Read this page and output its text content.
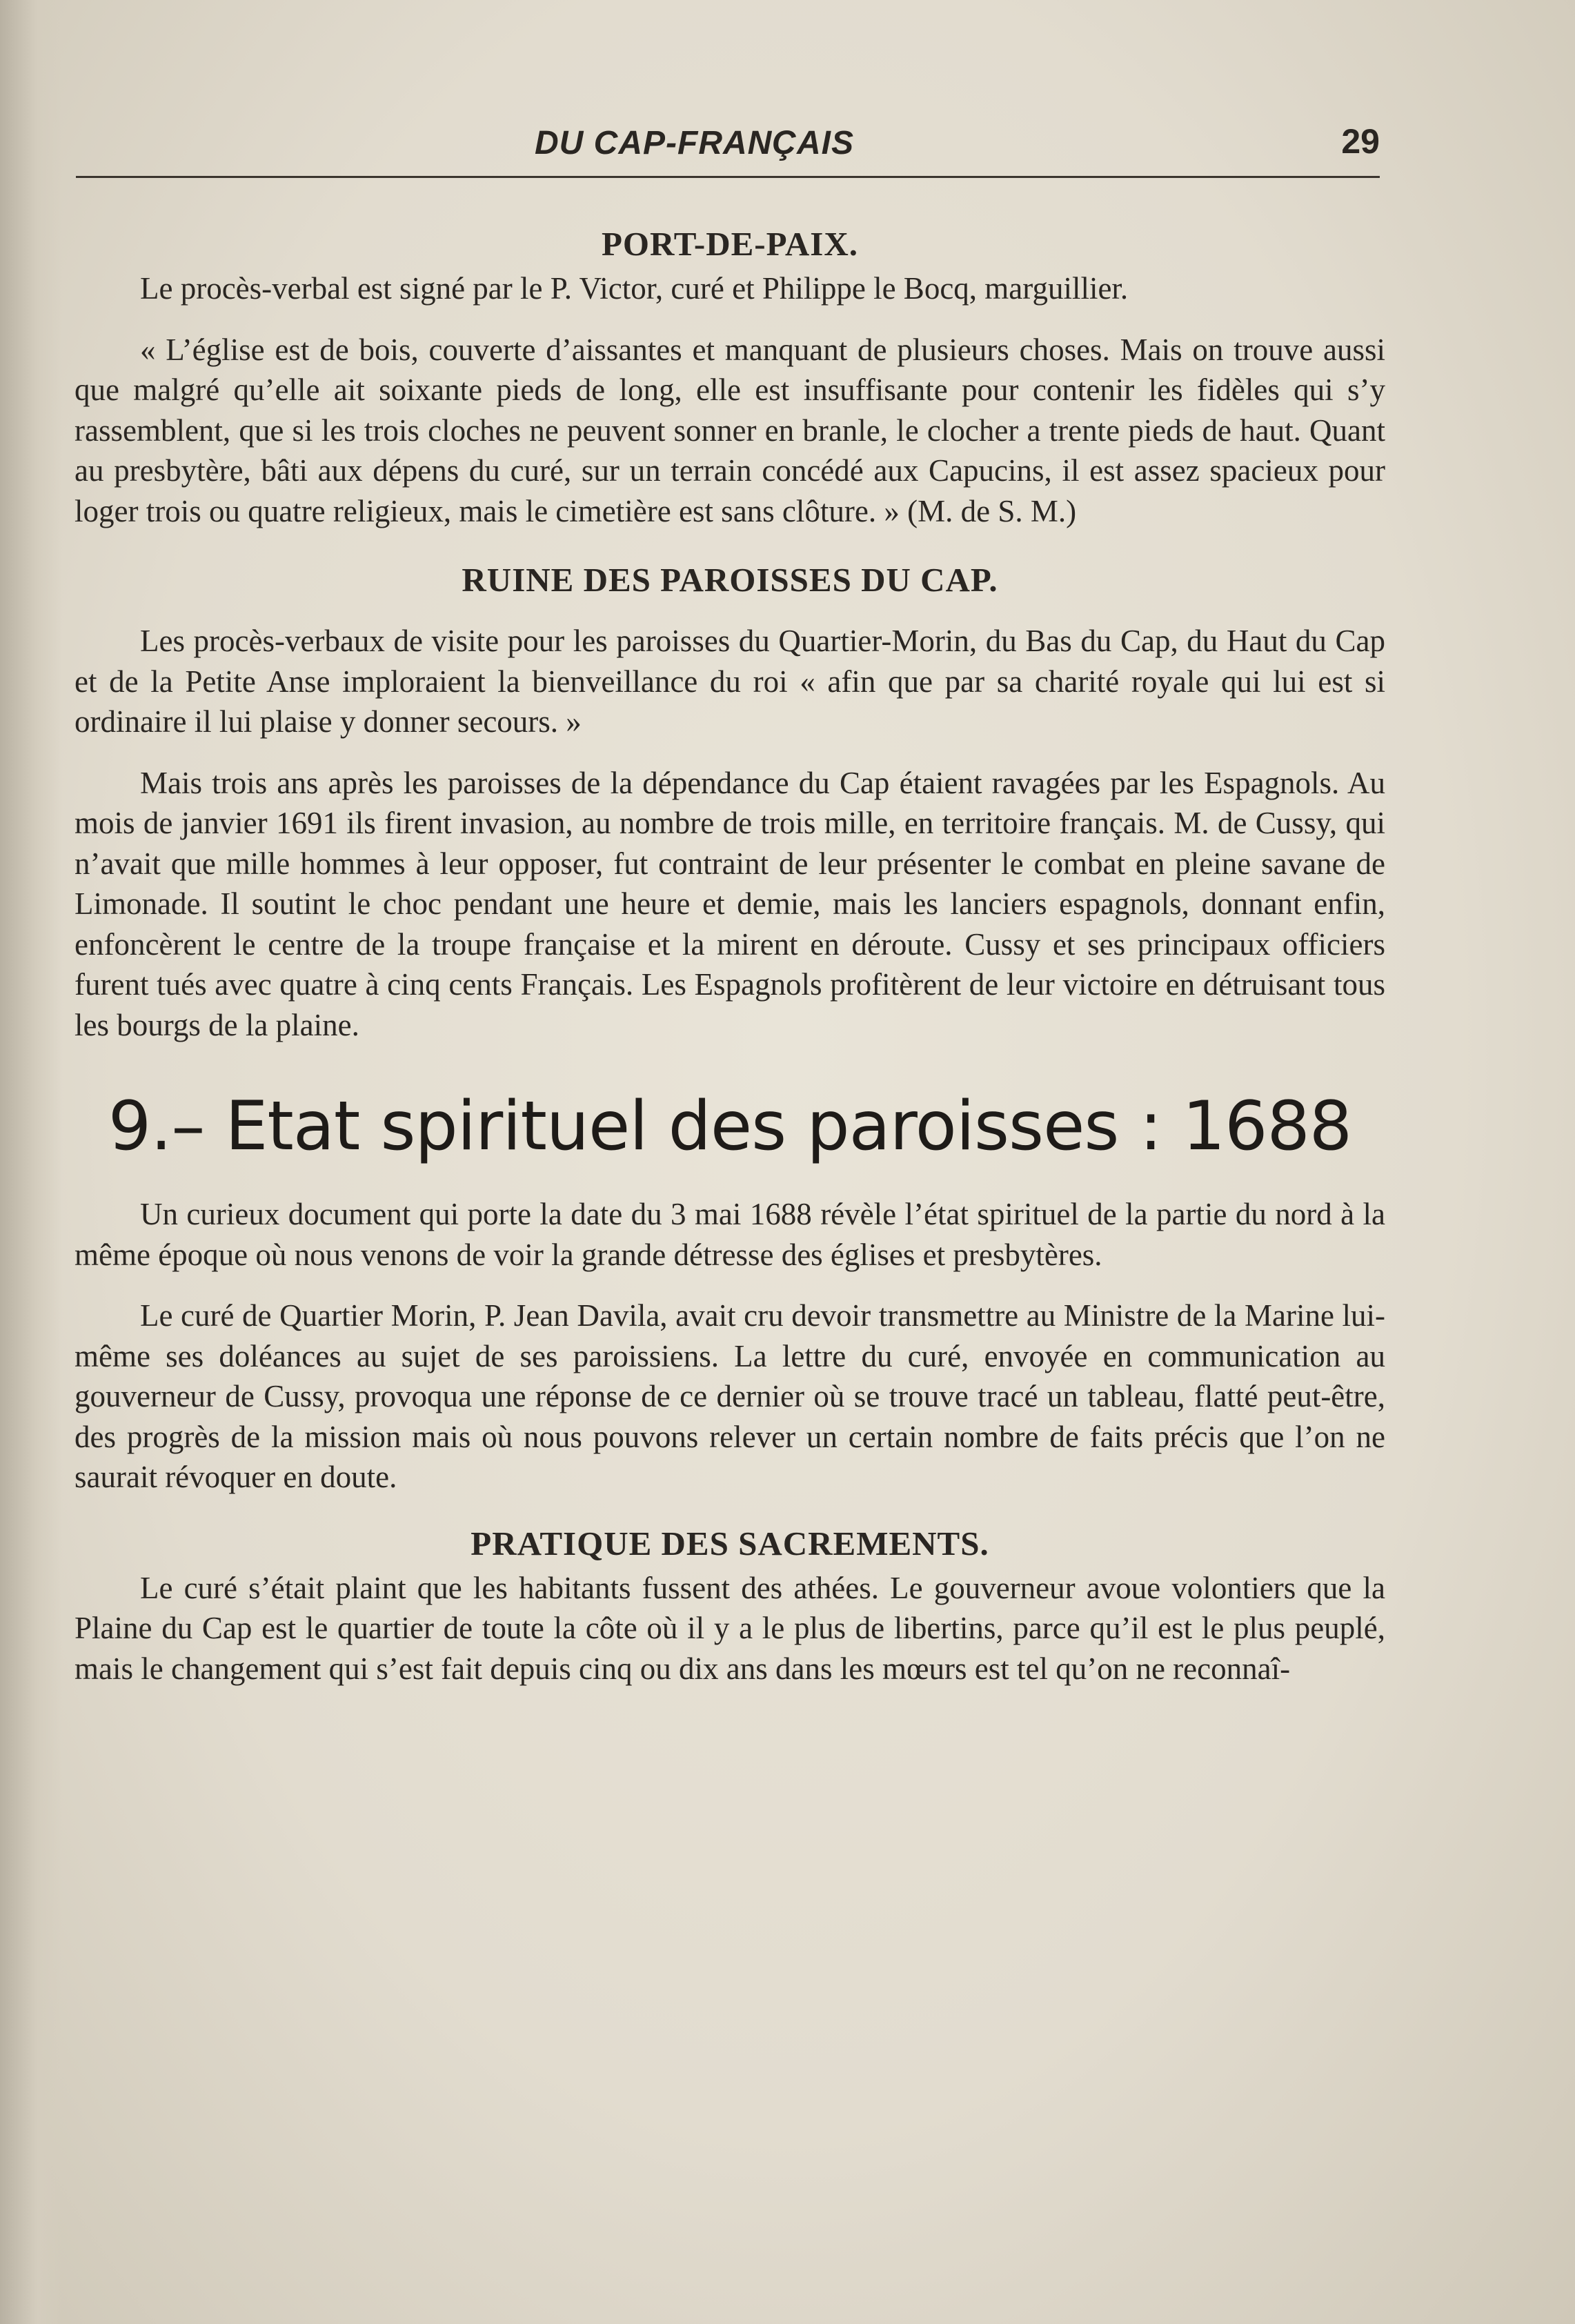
DU CAP-FRANÇAIS	29
PORT-DE-PAIX.

Le procès-verbal est signé par le P. Victor, curé et Philippe le Bocq, marguillier.

« L’église est de bois, couverte d’aissantes et manquant de plusieurs choses. Mais on trouve aussi que malgré qu’elle ait soixante pieds de long, elle est insuffisante pour contenir les fidèles qui s’y rassemblent, que si les trois cloches ne peuvent sonner en branle, le clocher a trente pieds de haut. Quant au presbytère, bâti aux dépens du curé, sur un terrain concédé aux Capucins, il est assez spacieux pour loger trois ou quatre religieux, mais le cimetière est sans clôture. » (M. de S. M.)

RUINE DES PAROISSES DU CAP.

Les procès-verbaux de visite pour les paroisses du Quartier-Morin, du Bas du Cap, du Haut du Cap et de la Petite Anse imploraient la bienveillance du roi « afin que par sa charité royale qui lui est si ordinaire il lui plaise y donner secours. »

Mais trois ans après les paroisses de la dépendance du Cap étaient ravagées par les Espagnols. Au mois de janvier 1691 ils firent invasion, au nombre de trois mille, en territoire français. M. de Cussy, qui n’avait que mille hommes à leur opposer, fut contraint de leur présenter le combat en pleine savane de Limonade. Il soutint le choc pendant une heure et demie, mais les lanciers espagnols, donnant enfin, enfoncèrent le centre de la troupe française et la mirent en déroute. Cussy et ses principaux officiers furent tués avec quatre à cinq cents Français. Les Espagnols profitèrent de leur victoire en détruisant tous les bourgs de la plaine.

9.– Etat spirituel des paroisses : 1688

Un curieux document qui porte la date du 3 mai 1688 révèle l’état spirituel de la partie du nord à la même époque où nous venons de voir la grande détresse des églises et presbytères.

Le curé de Quartier Morin, P. Jean Davila, avait cru devoir transmettre au Ministre de la Marine lui-même ses doléances au sujet de ses paroissiens. La lettre du curé, envoyée en communication au gouverneur de Cussy, provoqua une réponse de ce dernier où se trouve tracé un tableau, flatté peut-être, des progrès de la mission mais où nous pouvons relever un certain nombre de faits précis que l’on ne saurait révoquer en doute.

PRATIQUE DES SACREMENTS.

Le curé s’était plaint que les habitants fussent des athées. Le gouverneur avoue volontiers que la Plaine du Cap est le quartier de toute la côte où il y a le plus de libertins, parce qu’il est le plus peuplé, mais le changement qui s’est fait depuis cinq ou dix ans dans les mœurs est tel qu’on ne reconnaî-
